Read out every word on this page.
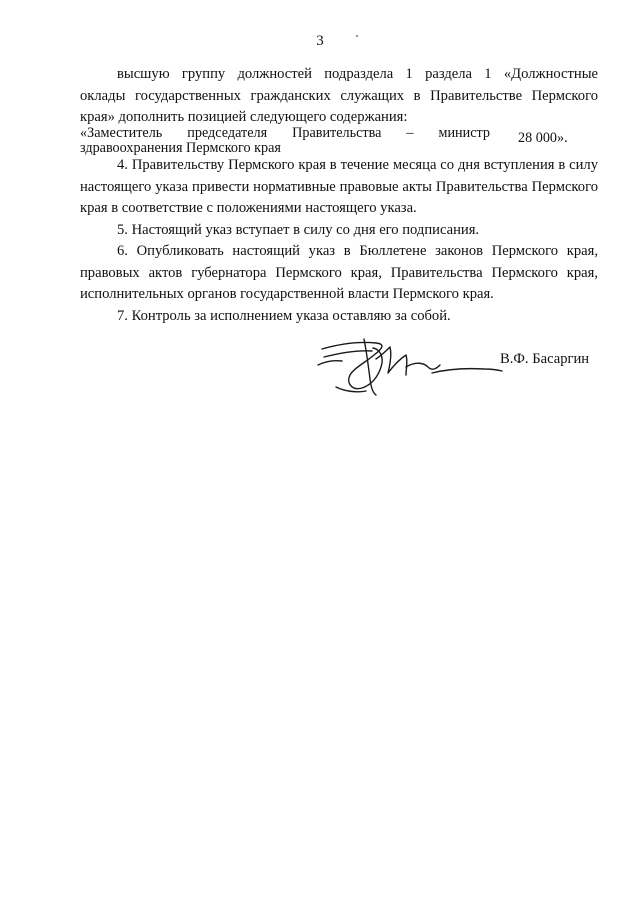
3

высшую группу должностей подраздела 1 раздела 1 «Должностные

оклады государственных гражданских служащих в Правительстве Пермского

края» дополнить позицией следующего содержания:

«Заместитель председателя Правительства – министр
здравоохранения Пермского края
28 000».

4. Правительству Пермского края в течение месяца со дня вступления в силу настоящего указа привести нормативные правовые акты Правительства Пермского края в соответствие с положениями настоящего указа.

5. Настоящий указ вступает в силу со дня его подписания.

6. Опубликовать настоящий указ в Бюллетене законов Пермского края, правовых актов губернатора Пермского края, Правительства Пермского края, исполнительных органов государственной власти Пермского края.

7. Контроль за исполнением указа оставляю за собой.

В.Ф. Басаргин
